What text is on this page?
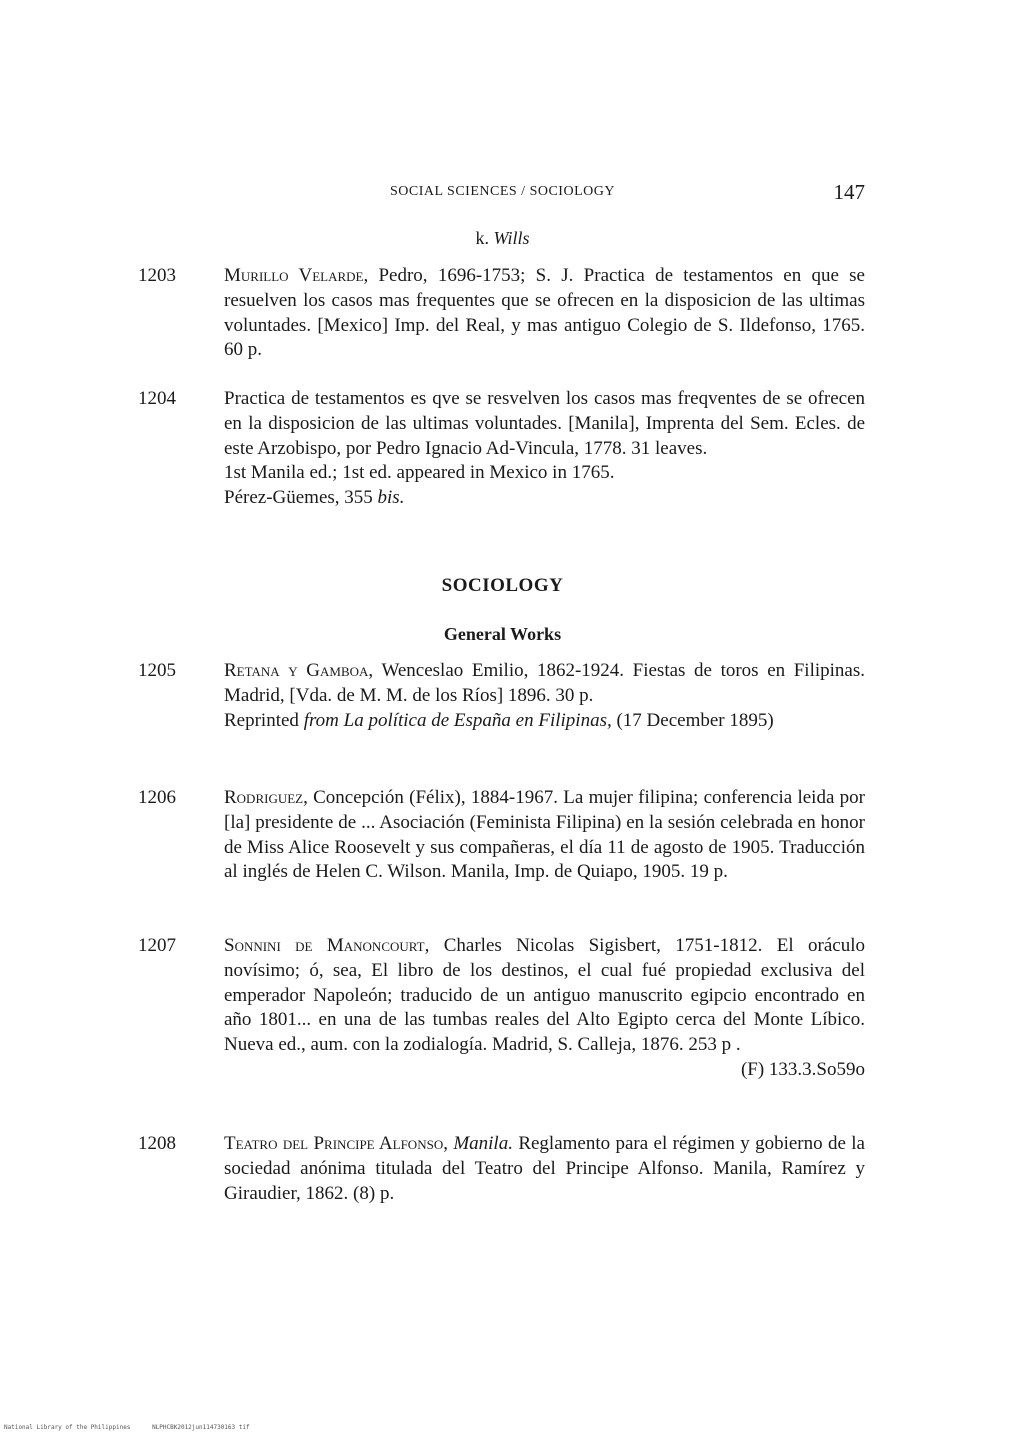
SOCIAL SCIENCES / SOCIOLOGY	147
k. Wills
1203	Murillo Velarde, Pedro, 1696-1753; S. J. Practica de testamentos en que se resuelven los casos mas frequentes que se ofrecen en la disposicion de las ultimas voluntades. [Mexico] Imp. del Real, y mas antiguo Colegio de S. Ildefonso, 1765. 60 p.
1204	Practica de testamentos es qve se resvelven los casos mas freqventes de se ofrecen en la disposicion de las ultimas voluntades. [Manila], Imprenta del Sem. Ecles. de este Arzobispo, por Pedro Ignacio Ad-Vincula, 1778. 31 leaves.

1st Manila ed.; 1st ed. appeared in Mexico in 1765.

Pérez-Güemes, 355 bis.

SOCIOLOGY
General Works
1205	Retana y Gamboa, Wenceslao Emilio, 1862-1924. Fiestas de toros en Filipinas. Madrid, [Vda. de M. M. de los Ríos] 1896. 30 p.

Reprinted from La política de España en Filipinas, (17 December 1895)

1206	Rodriguez, Concepción (Félix), 1884-1967. La mujer filipina; conferencia leida por [la] presidente de ... Asociación (Feminista Filipina) en la sesión celebrada en honor de Miss Alice Roosevelt y sus compañeras, el día 11 de agosto de 1905. Traducción al inglés de Helen C. Wilson. Manila, Imp. de Quiapo, 1905. 19 p.
1207	Sonnini de Manoncourt, Charles Nicolas Sigisbert, 1751-1812. El oráculo novísimo; ó, sea, El libro de los destinos, el cual fué propiedad exclusiva del emperador Napoleón; traducido de un antiguo manuscrito egipcio encontrado en año 1801... en una de las tumbas reales del Alto Egipto cerca del Monte Líbico. Nueva ed., aum. con la zodialogía. Madrid, S. Calleja, 1876. 253 p .

(F) 133.3.So59o

1208	Teatro del Principe Alfonso, Manila. Reglamento para el régimen y gobierno de la sociedad anónima titulada del Teatro del Principe Alfonso. Manila, Ramírez y Giraudier, 1862. (8) p.
National Library of the Philippines	NLPHCBK2012jun114730163 tif
